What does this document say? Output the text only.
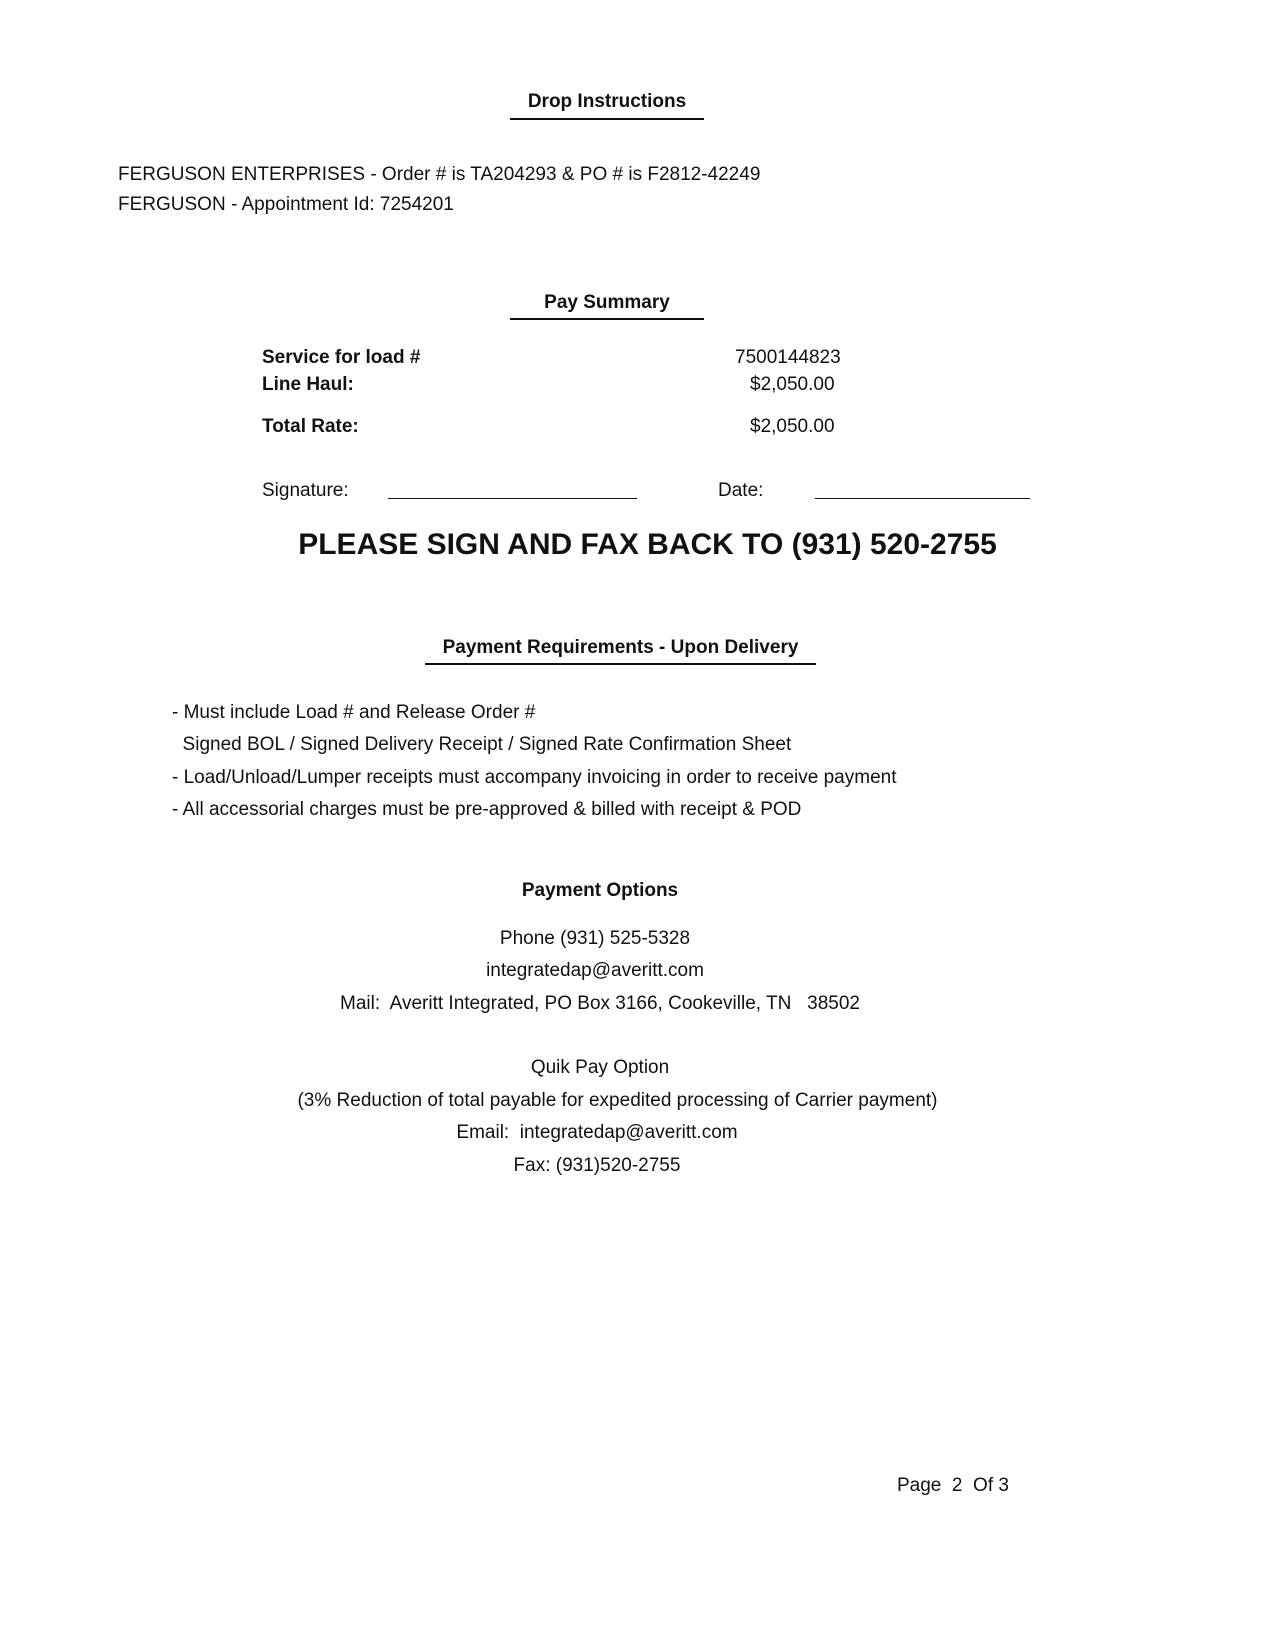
Drop Instructions
FERGUSON ENTERPRISES - Order # is TA204293 & PO # is F2812-42249
FERGUSON - Appointment Id: 7254201
Pay Summary
Service for load #	7500144823
Line Haul:	$2,050.00
Total Rate:	$2,050.00
Signature:	Date:
PLEASE SIGN AND FAX BACK TO (931) 520-2755
Payment Requirements - Upon Delivery
- Must include Load # and Release Order #
Signed BOL / Signed Delivery Receipt / Signed Rate Confirmation Sheet
- Load/Unload/Lumper receipts must accompany invoicing in order to receive payment
- All accessorial charges must be pre-approved & billed with receipt & POD
Payment Options
Phone (931) 525-5328
integratedap@averitt.com
Mail:  Averitt Integrated, PO Box 3166, Cookeville, TN   38502
Quik Pay Option
(3% Reduction of total payable for expedited processing of Carrier payment)
Email:  integratedap@averitt.com
Fax: (931)520-2755
Page  2  Of 3
